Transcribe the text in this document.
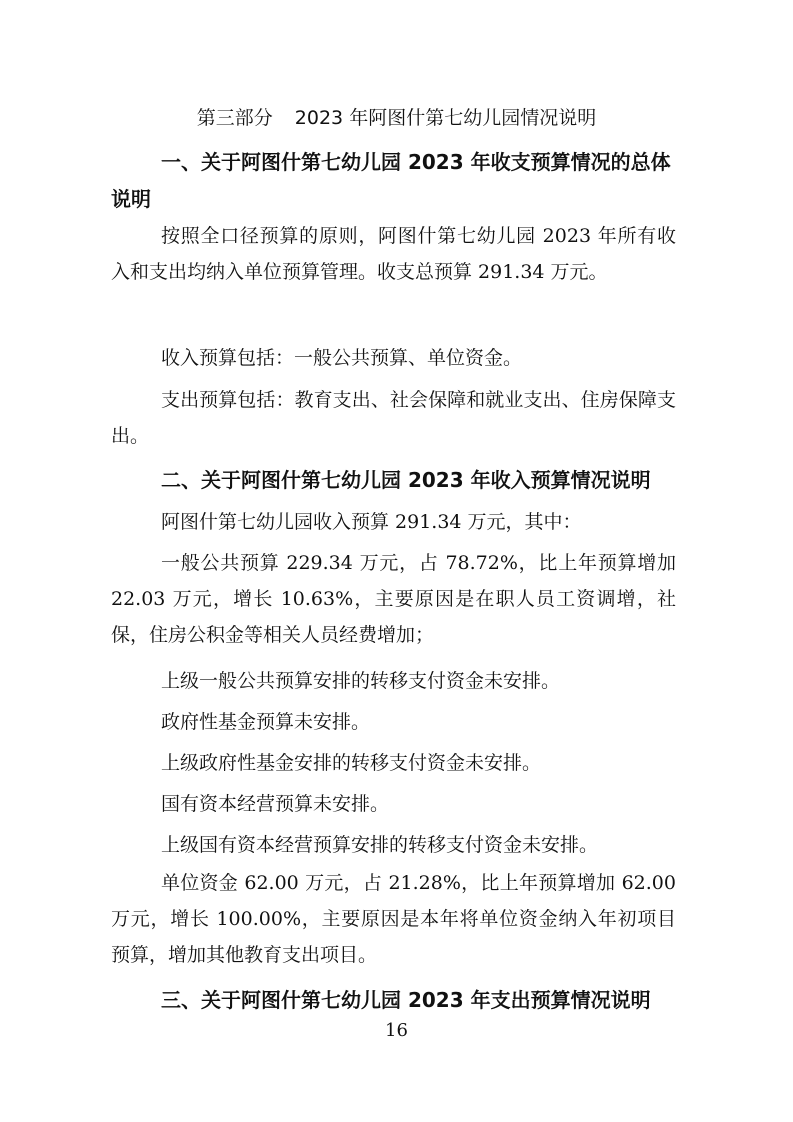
第三部分 2023 年阿图什第七幼儿园情况说明
一、关于阿图什第七幼儿园 2023 年收支预算情况的总体说明
按照全口径预算的原则，阿图什第七幼儿园 2023 年所有收入和支出均纳入单位预算管理。收支总预算 291.34 万元。
收入预算包括：一般公共预算、单位资金。
支出预算包括：教育支出、社会保障和就业支出、住房保障支出。
二、关于阿图什第七幼儿园 2023 年收入预算情况说明
阿图什第七幼儿园收入预算 291.34 万元，其中：
一般公共预算 229.34 万元，占 78.72%，比上年预算增加 22.03 万元，增长 10.63%，主要原因是在职人员工资调增，社保，住房公积金等相关人员经费增加；
上级一般公共预算安排的转移支付资金未安排。
政府性基金预算未安排。
上级政府性基金安排的转移支付资金未安排。
国有资本经营预算未安排。
上级国有资本经营预算安排的转移支付资金未安排。
单位资金 62.00 万元，占 21.28%，比上年预算增加 62.00 万元，增长 100.00%，主要原因是本年将单位资金纳入年初项目预算，增加其他教育支出项目。
三、关于阿图什第七幼儿园 2023 年支出预算情况说明
16
